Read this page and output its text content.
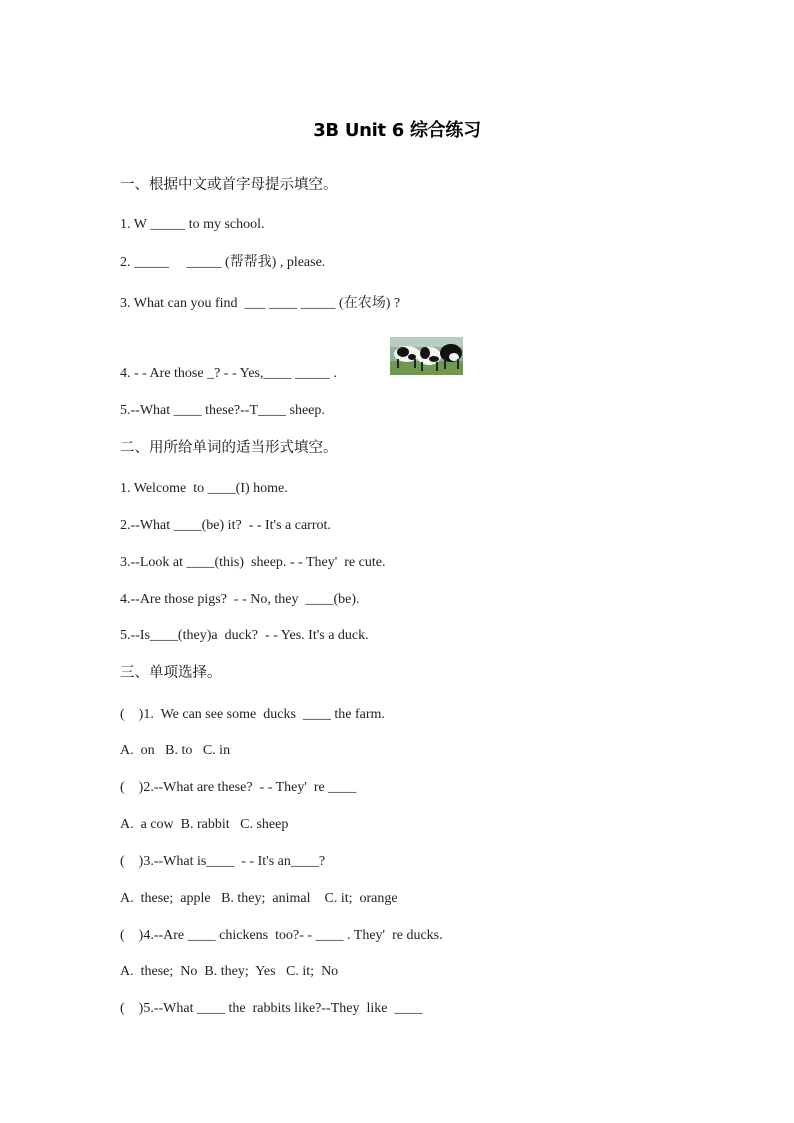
3B Unit 6 综合练习
一、根据中文或首字母提示填空。
1. W _____ to my school.
2. _____     _____ (帮帮我) , please.
3. What can you find  ___ ____ _____ (在农场) ?
4. - - Are those _? - - Yes,____ _____ .
5.--What ____ these?--T____ sheep.
二、用所给单词的适当形式填空。
1. Welcome  to ____(I) home.
2.--What ____(be) it?  - - It's a carrot.
3.--Look at ____(this)  sheep. - - They'  re cute.
4.--Are those pigs?  - - No, they  ____(be).
5.--Is____(they)a  duck?  - - Yes. It's a duck.
三、单项选择。
(    )1.  We can see some  ducks  ____ the farm.
A.  on   B. to   C. in
(    )2.--What are these?  - - They'  re ____
A.  a cow  B. rabbit   C. sheep
(    )3.--What is____  - - It's an____?
A.  these;  apple   B. they;  animal    C. it;  orange
(    )4.--Are ____ chickens  too?- - ____ . They'  re ducks.
A.  these;  No  B. they;  Yes   C. it;  No
(    )5.--What ____ the  rabbits like?--They  like  ____
